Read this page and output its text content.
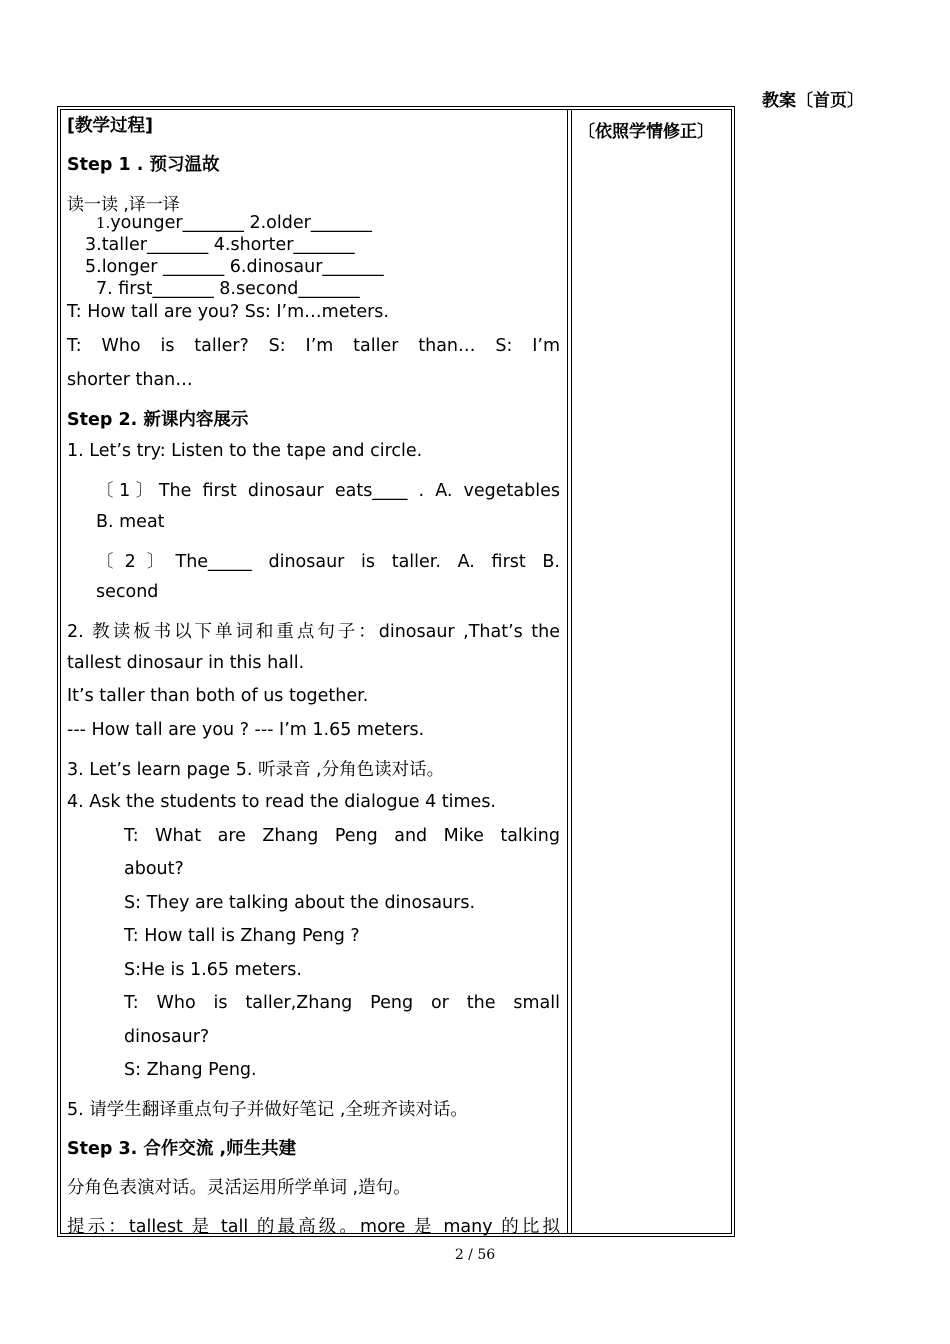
教案〔首页〕
〔依照学情修正〕
[教学过程]
Step 1 . 预习温故
读一读 ,译一译
1.younger_______ 2.older_______
3.taller_______ 4.shorter_______
5.longer _______ 6.dinosaur_______
7. first_______ 8.second_______
T: How tall are you? Ss: I’m…meters.
T: Who is taller? S: I’m taller than… S: I’m
shorter than…
Step 2. 新课内容展示
1. Let’s try: Listen to the tape and circle.
〔1〕The first dinosaur eats____ . A. vegetables
B. meat
〔2〕The_____ dinosaur is taller. A. first B.
second
2. 教读板书以下单词和重点句子：dinosaur ,That’s the
tallest dinosaur in this hall.
It’s taller than both of us together.
--- How tall are you ? --- I’m 1.65 meters.
3. Let’s learn page 5. 听录音 ,分角色读对话。
4. Ask the students to read the dialogue 4 times.
T: What are Zhang Peng and Mike talking
about?
S: They are talking about the dinosaurs.
T: How tall is Zhang Peng ?
S:He is 1.65 meters.
T: Who is taller,Zhang Peng or the small
dinosaur?
S: Zhang Peng.
5. 请学生翻译重点句子并做好笔记 ,全班齐读对话。
Step 3. 合作交流 ,师生共建
分角色表演对话。灵活运用所学单词 ,造句。
提示：tallest 是 tall 的最高级。more 是 many 的比拟
2 / 56
